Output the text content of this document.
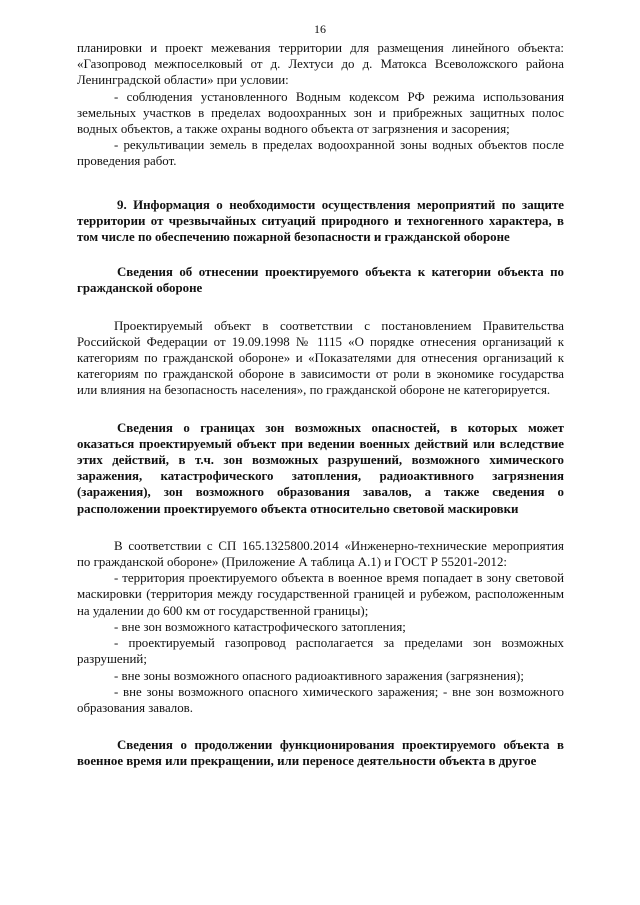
16

планировки и проект межевания территории для размещения линейного объекта: «Газопровод межпоселковый от д. Лехтуси до д. Матокса Всеволожского района Ленинградской области» при условии:

- соблюдения установленного Водным кодексом РФ режима использования земельных участков в пределах водоохранных зон и прибрежных защитных полос водных объектов, а также охраны водного объекта от загрязнения и засорения;

- рекультивации земель в пределах водоохранной зоны водных объектов после проведения работ.

9. Информация о необходимости осуществления мероприятий по защите территории от чрезвычайных ситуаций природного и техногенного характера, в том числе по обеспечению пожарной безопасности и гражданской обороне

Сведения об отнесении проектируемого объекта к категории объекта по гражданской обороне

Проектируемый объект в соответствии с постановлением Правительства Российской Федерации от 19.09.1998 № 1115 «О порядке отнесения организаций к категориям по гражданской обороне» и «Показателями для отнесения организаций к категориям по гражданской обороне в зависимости от роли в экономике государства или влияния на безопасность населения», по гражданской обороне не категорируется.

Сведения о границах зон возможных опасностей, в которых может оказаться проектируемый объект при ведении военных действий или вследствие этих действий, в т.ч. зон возможных разрушений, возможного химического заражения, катастрофического затопления, радиоактивного загрязнения (заражения), зон возможного образования завалов, а также сведения о расположении проектируемого объекта относительно световой маскировки

В соответствии с СП 165.1325800.2014 «Инженерно-технические мероприятия по гражданской обороне» (Приложение А таблица А.1) и ГОСТ Р 55201-2012:

- территория проектируемого объекта в военное время попадает в зону световой маскировки (территория между государственной границей и рубежом, расположенным на удалении до 600 км от государственной границы);

- вне зон возможного катастрофического затопления;

- проектируемый газопровод располагается за пределами зон возможных разрушений;

- вне зоны возможного опасного радиоактивного заражения (загрязнения);

- вне зоны возможного опасного химического заражения; - вне зон возможного образования завалов.

Сведения о продолжении функционирования проектируемого объекта в военное время или прекращении, или переносе деятельности объекта в другое
